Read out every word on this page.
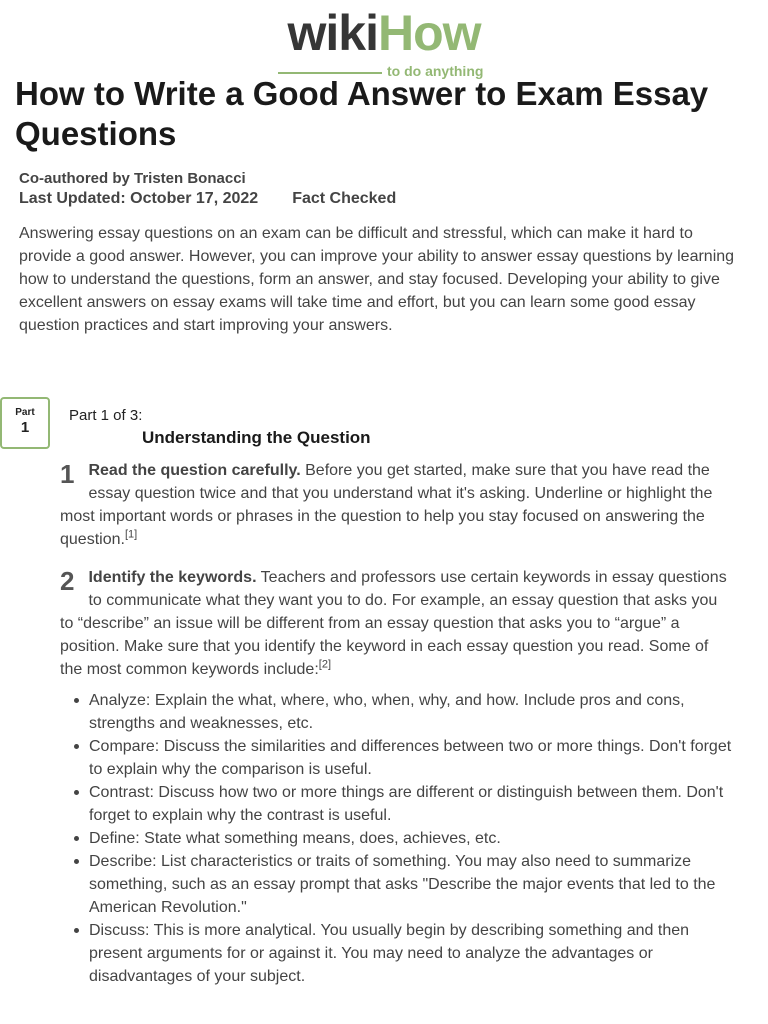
wikiHow
to do anything
How to Write a Good Answer to Exam Essay Questions
Co-authored by Tristen Bonacci
Last Updated: October 17, 2022 Fact Checked

Answering essay questions on an exam can be difficult and stressful, which can make it hard to provide a good answer. However, you can improve your ability to answer essay questions by learning how to understand the questions, form an answer, and stay focused. Developing your ability to give excellent answers on essay exams will take time and effort, but you can learn some good essay question practices and start improving your answers.

Part
1
Part 1 of 3:
Understanding the Question
1 Read the question carefully. Before you get started, make sure that you have read the essay question twice and that you understand what it's asking. Underline or highlight the most important words or phrases in the question to help you stay focused on answering the question.[1]
2 Identify the keywords. Teachers and professors use certain keywords in essay questions to communicate what they want you to do. For example, an essay question that asks you to “describe” an issue will be different from an essay question that asks you to “argue” a position. Make sure that you identify the keyword in each essay question you read. Some of the most common keywords include:[2]
Analyze: Explain the what, where, who, when, why, and how. Include pros and cons, strengths and weaknesses, etc.
Compare: Discuss the similarities and differences between two or more things. Don't forget to explain why the comparison is useful.
Contrast: Discuss how two or more things are different or distinguish between them. Don't forget to explain why the contrast is useful.
Define: State what something means, does, achieves, etc.
Describe: List characteristics or traits of something. You may also need to summarize something, such as an essay prompt that asks "Describe the major events that led to the American Revolution."
Discuss: This is more analytical. You usually begin by describing something and then present arguments for or against it. You may need to analyze the advantages or disadvantages of your subject.
